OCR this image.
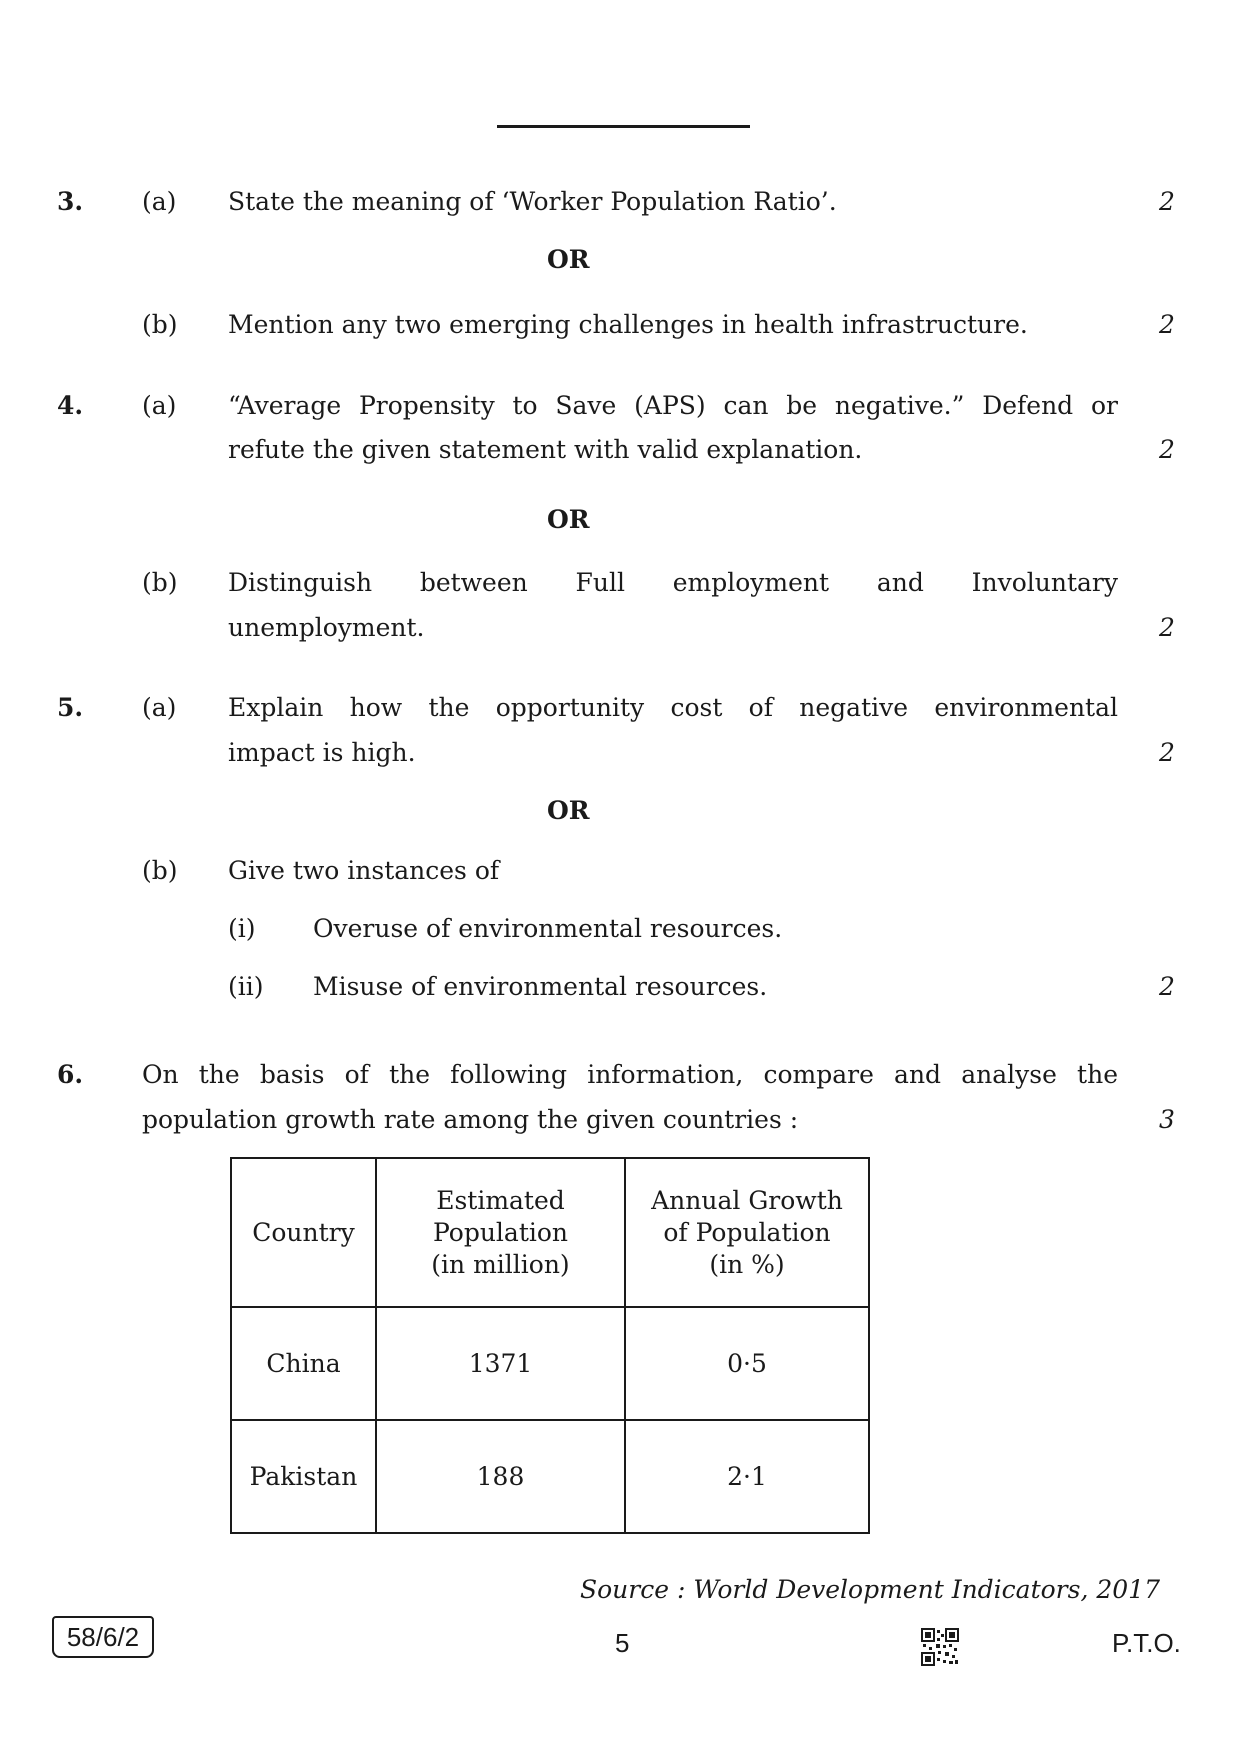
3. (a) State the meaning of ‘Worker Population Ratio’.	2
OR
(b) Mention any two emerging challenges in health infrastructure.	2
4. (a) “Average Propensity to Save (APS) can be negative.” Defend or
refute the given statement with valid explanation.	2
OR
(b) Distinguish between Full employment and Involuntary
unemployment.	2
5. (a) Explain how the opportunity cost of negative environmental
impact is high.	2
OR
(b) Give two instances of
(i) Overuse of environmental resources.
(ii) Misuse of environmental resources.	2
6. On the basis of the following information, compare and analyse the
population growth rate among the given countries :	3
Country	Estimated
Population
(in million)	Annual Growth
of Population
(in %)
China	1371	0·5
Pakistan	188	2·1
Source : World Development Indicators, 2017
58/6/2	5	P.T.O.
